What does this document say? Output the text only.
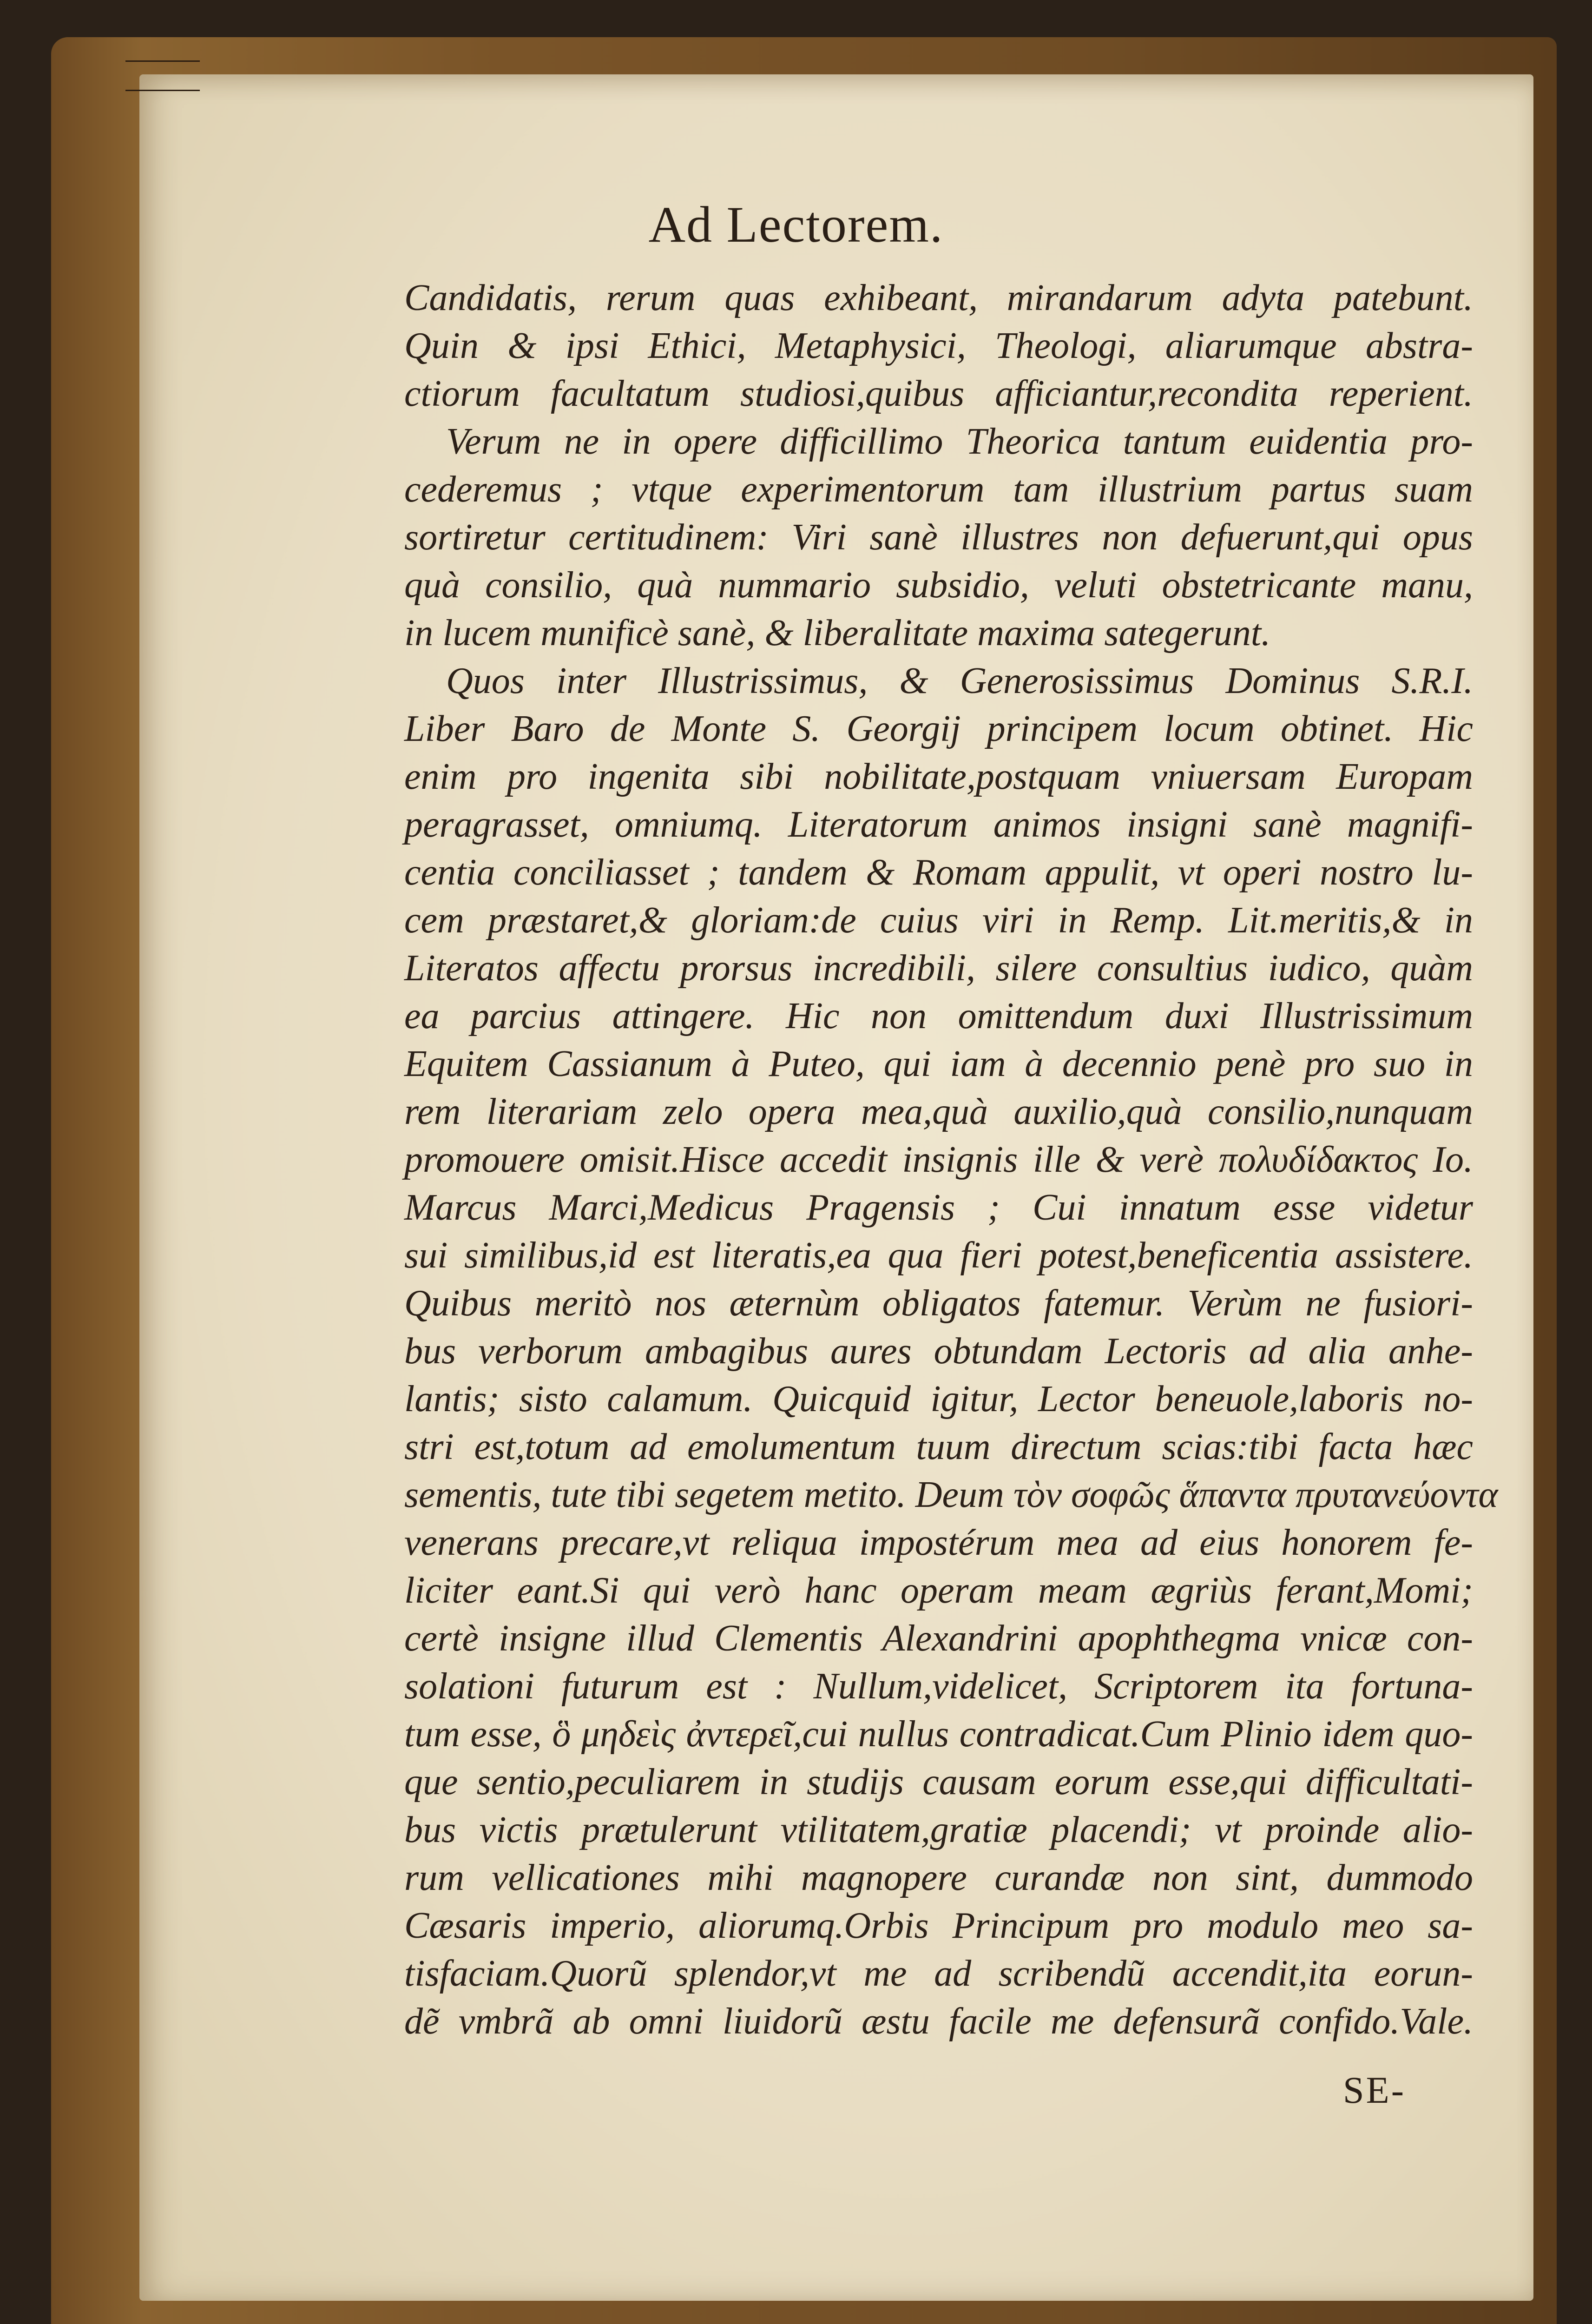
Ad Lectorem.
Candidatis, rerum quas exhibeant, mirandarum adyta patebunt.
Quin & ipsi Ethici, Metaphysici, Theologi, aliarumque abstra-
ctiorum facultatum studiosi,quibus afficiantur,recondita reperient.
Verum ne in opere difficillimo Theorica tantum euidentia pro-
cederemus ; vtque experimentorum tam illustrium partus suam
sortiretur certitudinem: Viri sanè illustres non defuerunt,qui opus
quà consilio, quà nummario subsidio, veluti obstetricante manu,
in lucem munificè sanè, & liberalitate maxima sategerunt.
Quos inter Illustrissimus, & Generosissimus Dominus S.R.I.
Liber Baro de Monte S. Georgij principem locum obtinet. Hic
enim pro ingenita sibi nobilitate,postquam vniuersam Europam
peragrasset, omniumq. Literatorum animos insigni sanè magnifi-
centia conciliasset ; tandem & Romam appulit, vt operi nostro lu-
cem præstaret,& gloriam:de cuius viri in Remp. Lit.meritis,& in
Literatos affectu prorsus incredibili, silere consultius iudico, quàm
ea parcius attingere. Hic non omittendum duxi Illustrissimum
Equitem Cassianum à Puteo, qui iam à decennio penè pro suo in
rem literariam zelo opera mea,quà auxilio,quà consilio,nunquam
promouere omisit.Hisce accedit insignis ille & verè πολυδίδακτος Io.
Marcus Marci,Medicus Pragensis ; Cui innatum esse videtur
sui similibus,id est literatis,ea qua fieri potest,beneficentia assistere.
Quibus meritò nos æternùm obligatos fatemur. Verùm ne fusiori-
bus verborum ambagibus aures obtundam Lectoris ad alia anhe-
lantis; sisto calamum. Quicquid igitur, Lector beneuole,laboris no-
stri est,totum ad emolumentum tuum directum scias:tibi facta hæc
sementis, tute tibi segetem metito. Deum τὸν σοφῶς ἅπαντα πρυτανεύοντα
venerans precare,vt reliqua impostérum mea ad eius honorem fe-
liciter eant.Si qui verò hanc operam meam ægriùs ferant,Momi;
certè insigne illud Clementis Alexandrini apophthegma vnicæ con-
solationi futurum est : Nullum,videlicet, Scriptorem ita fortuna-
tum esse, ὃ μηδεὶς ἀντερεῖ,cui nullus contradicat.Cum Plinio idem quo-
que sentio,peculiarem in studijs causam eorum esse,qui difficultati-
bus victis prætulerunt vtilitatem,gratiæ placendi; vt proinde alio-
rum vellicationes mihi magnopere curandæ non sint, dummodo
Cæsaris imperio, aliorumq.Orbis Principum pro modulo meo sa-
tisfaciam.Quorũ splendor,vt me ad scribendũ accendit,ita eorun-
dẽ vmbrã ab omni liuidorũ æstu facile me defensurã confido.Vale.
SE-
